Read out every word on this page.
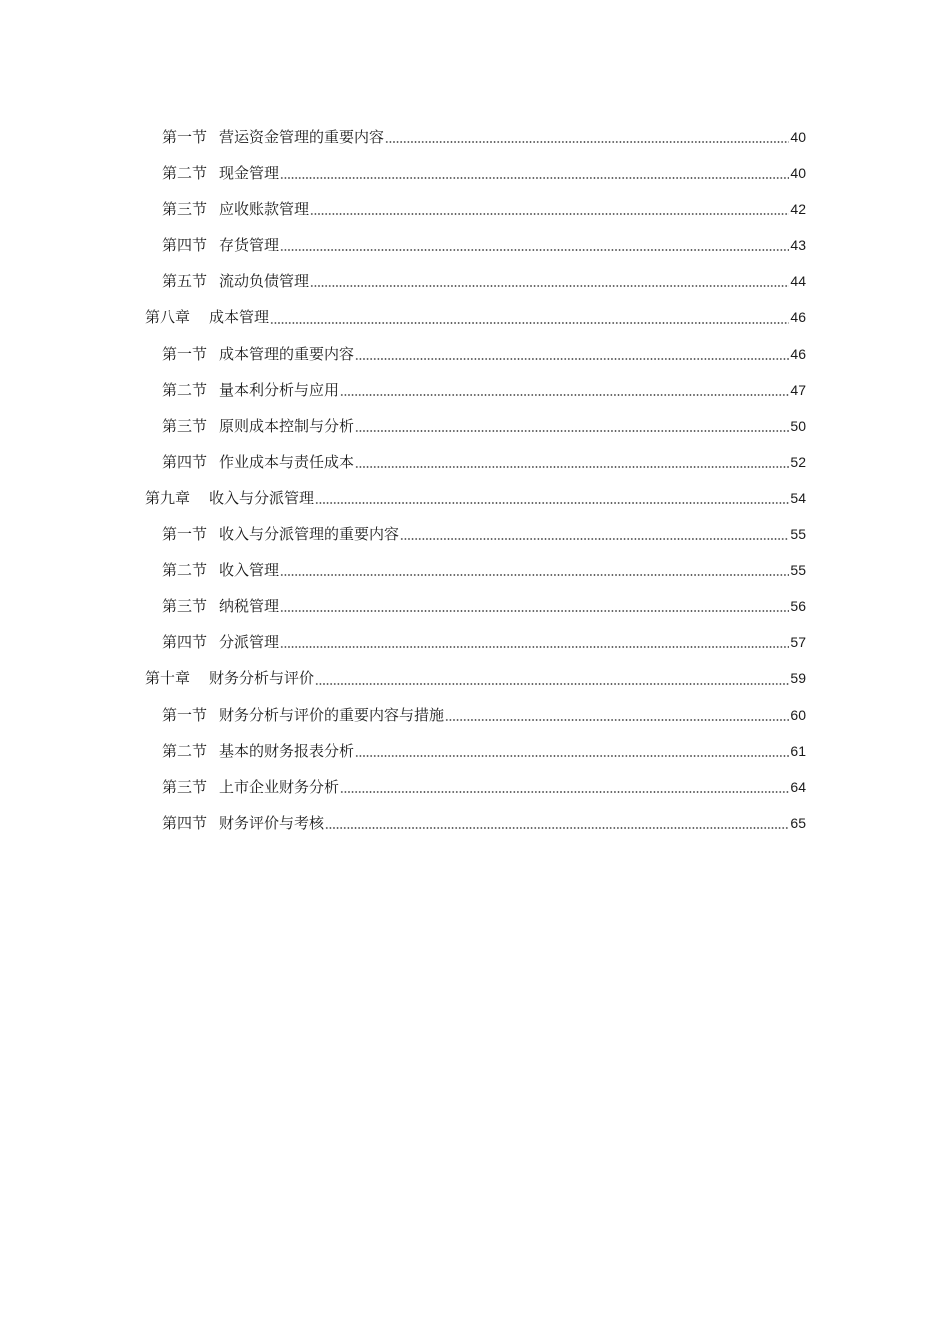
第一节 营运资金管理的重要内容	40
第二节 现金管理	40
第三节 应收账款管理	42
第四节 存货管理	43
第五节 流动负债管理	44
第八章 成本管理	46
第一节 成本管理的重要内容	46
第二节 量本利分析与应用	47
第三节 原则成本控制与分析	50
第四节 作业成本与责任成本	52
第九章 收入与分派管理	54
第一节 收入与分派管理的重要内容	55
第二节 收入管理	55
第三节 纳税管理	56
第四节 分派管理	57
第十章 财务分析与评价	59
第一节 财务分析与评价的重要内容与措施	60
第二节 基本的财务报表分析	61
第三节 上市企业财务分析	64
第四节 财务评价与考核	65
